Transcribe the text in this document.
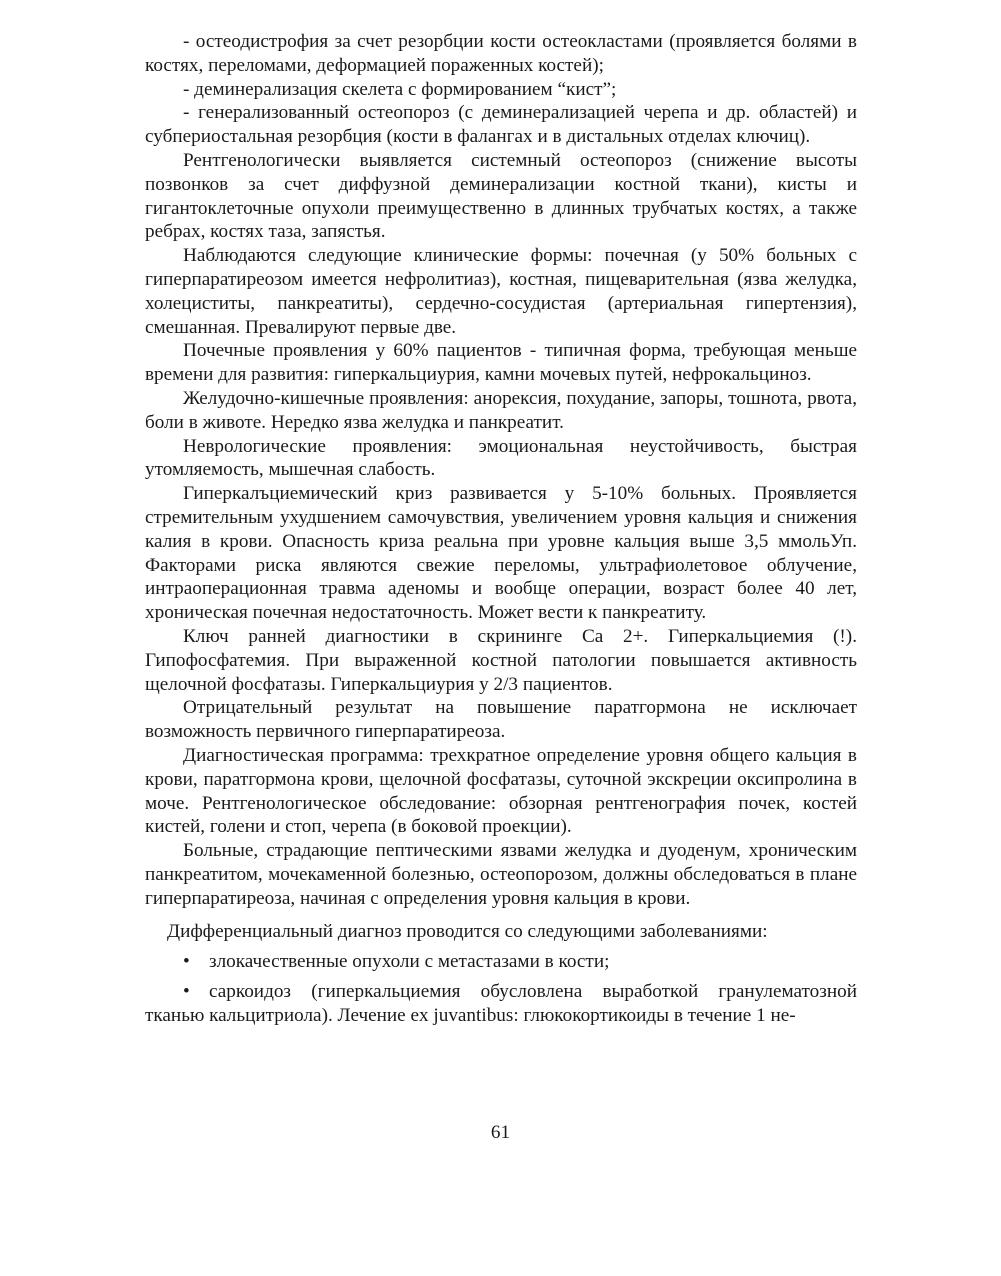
- остеодистрофия за счет резорбции кости остеокластами (проявляется болями в костях, переломами, деформацией пораженных костей);

- деминерализация скелета с формированием “кист”;

- генерализованный остеопороз (с деминерализацией черепа и др. областей) и субпериостальная резорбция (кости в фалангах и в дистальных отделах ключиц).

Рентгенологически выявляется системный остеопороз (снижение высоты позвонков за счет диффузной деминерализации костной ткани), кисты и гигантоклеточные опухоли преимущественно в длинных трубчатых костях, а также ребрах, костях таза, запястья.

Наблюдаются следующие клинические формы: почечная (у 50% больных с гиперпаратиреозом имеется нефролитиаз), костная, пищеварительная (язва желудка, холециститы, панкреатиты), сердечно-сосудистая (артериальная гипертензия), смешанная. Превалируют первые две.

Почечные проявления у 60% пациентов - типичная форма, требующая меньше времени для развития: гиперкальциурия, камни мочевых путей, нефрокальциноз.

Желудочно-кишечные проявления: анорексия, похудание, запоры, тошнота, рвота, боли в животе. Нередко язва желудка и панкреатит.

Неврологические проявления: эмоциональная неустойчивость, быстрая утомляемость, мышечная слабость.

Гиперкалъциемический криз развивается у 5-10% больных. Проявляется стремительным ухудшением самочувствия, увеличением уровня кальция и снижения калия в крови. Опасность криза реальна при уровне кальция выше 3,5 ммольУп. Факторами риска являются свежие переломы, ультрафиолетовое облучение, интраоперационная травма аденомы и вообще операции, возраст более 40 лет, хроническая почечная недостаточность. Может вести к панкреатиту.

Ключ ранней диагностики в скрининге Са 2+. Гиперкальциемия (!). Гипофосфатемия. При выраженной костной патологии повышается активность щелочной фосфатазы. Гиперкальциурия у 2/3 пациентов.

Отрицательный результат на повышение паратгормона не исключает возможность первичного гиперпаратиреоза.

Диагностическая программа: трехкратное определение уровня общего кальция в крови, паратгормона крови, щелочной фосфатазы, суточной экскреции оксипролина в моче. Рентгенологическое обследование: обзорная рентгенография почек, костей кистей, голени и стоп, черепа (в боковой проекции).

Больные, страдающие пептическими язвами желудка и дуоденум, хроническим панкреатитом, мочекаменной болезнью, остеопорозом, должны обследоваться в плане гиперпаратиреоза, начиная с определения уровня кальция в крови.

Дифференциальный диагноз проводится со следующими заболеваниями:

• злокачественные опухоли с метастазами в кости;

• саркоидоз (гиперкальциемия обусловлена выработкой гранулематозной тканью кальцитриола). Лечение ex juvantibus: глюкокортикоиды в течение 1 не-

61
